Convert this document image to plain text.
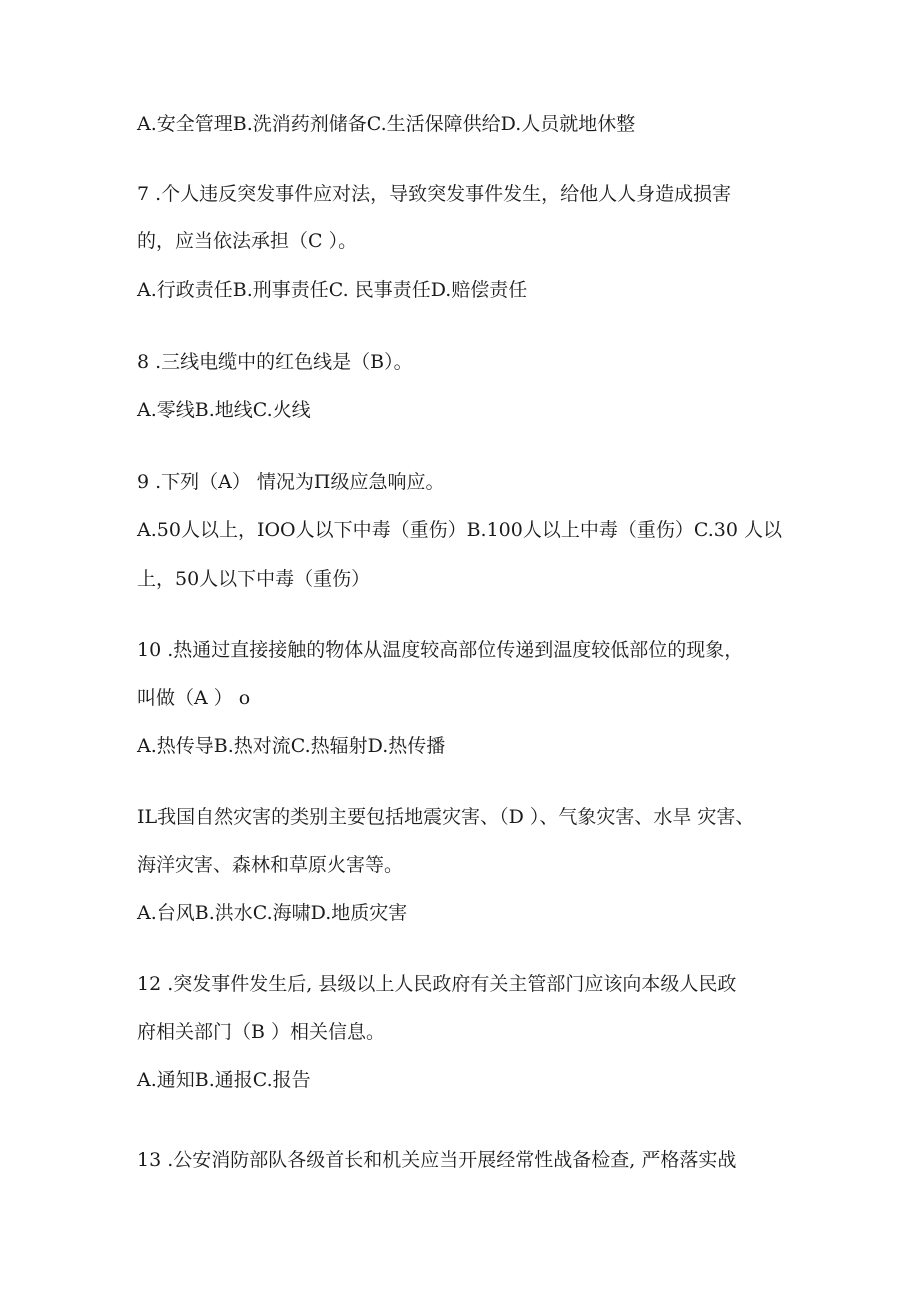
A.安全管理B.洗消药剂储备C.生活保障供给D.人员就地休整
7 .个人违反突发事件应对法，导致突发事件发生，给他人人身造成损害
的，应当依法承担（C ）。
A.行政责任B.刑事责任C. 民事责任D.赔偿责任
8 .三线电缆中的红色线是（B）。
A.零线B.地线C.火线
9 .下列（A） 情况为Π级应急响应。
A.50人以上，IOO人以下中毒（重伤）B.100人以上中毒（重伤）C.30 人以
上，50人以下中毒（重伤）
10 .热通过直接接触的物体从温度较高部位传递到温度较低部位的现象，
叫做（A ） o
A.热传导B.热对流C.热辐射D.热传播
IL我国自然灾害的类别主要包括地震灾害、（D ）、气象灾害、水旱 灾害、
海洋灾害、森林和草原火害等。
A.台风B.洪水C.海啸D.地质灾害
12 .突发事件发生后, 县级以上人民政府有关主管部门应该向本级人民政
府相关部门（B ）相关信息。
A.通知B.通报C.报告
13 .公安消防部队各级首长和机关应当开展经常性战备检查, 严格落实战
